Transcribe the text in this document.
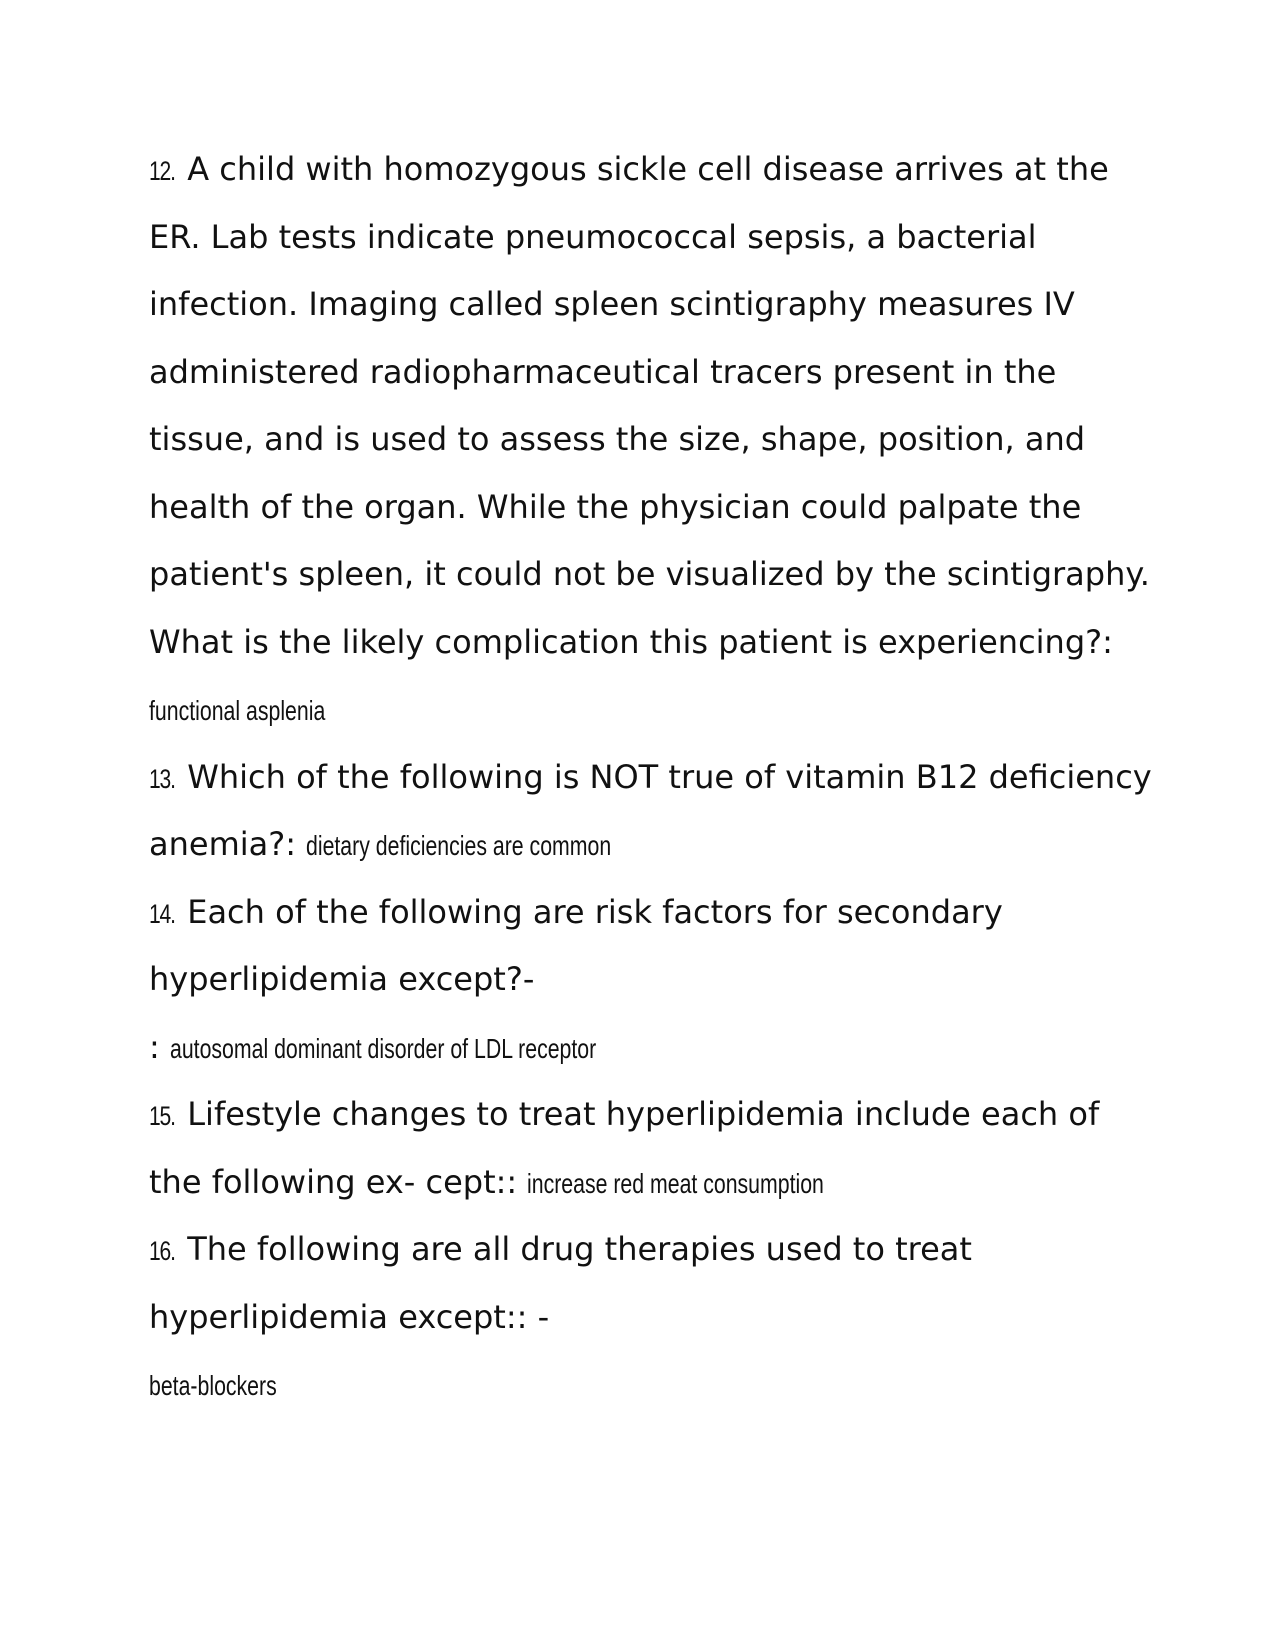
12. A child with homozygous sickle cell disease arrives at the
ER. Lab tests indicate pneumococcal sepsis, a bacterial
infection. Imaging called spleen scintigraphy measures IV
administered radiopharmaceutical tracers present in the
tissue, and is used to assess the size, shape, position, and
health of the organ. While the physician could palpate the
patient's spleen, it could not be visualized by the scintigraphy.
What is the likely complication this patient is experiencing?:
functional asplenia
13. Which of the following is NOT true of vitamin B12 deficiency
anemia?: dietary deficiencies are common
14. Each of the following are risk factors for secondary
hyperlipidemia except?-
: autosomal dominant disorder of LDL receptor
15. Lifestyle changes to treat hyperlipidemia include each of
the following ex- cept:: increase red meat consumption
16. The following are all drug therapies used to treat
hyperlipidemia except:: -
beta-blockers
